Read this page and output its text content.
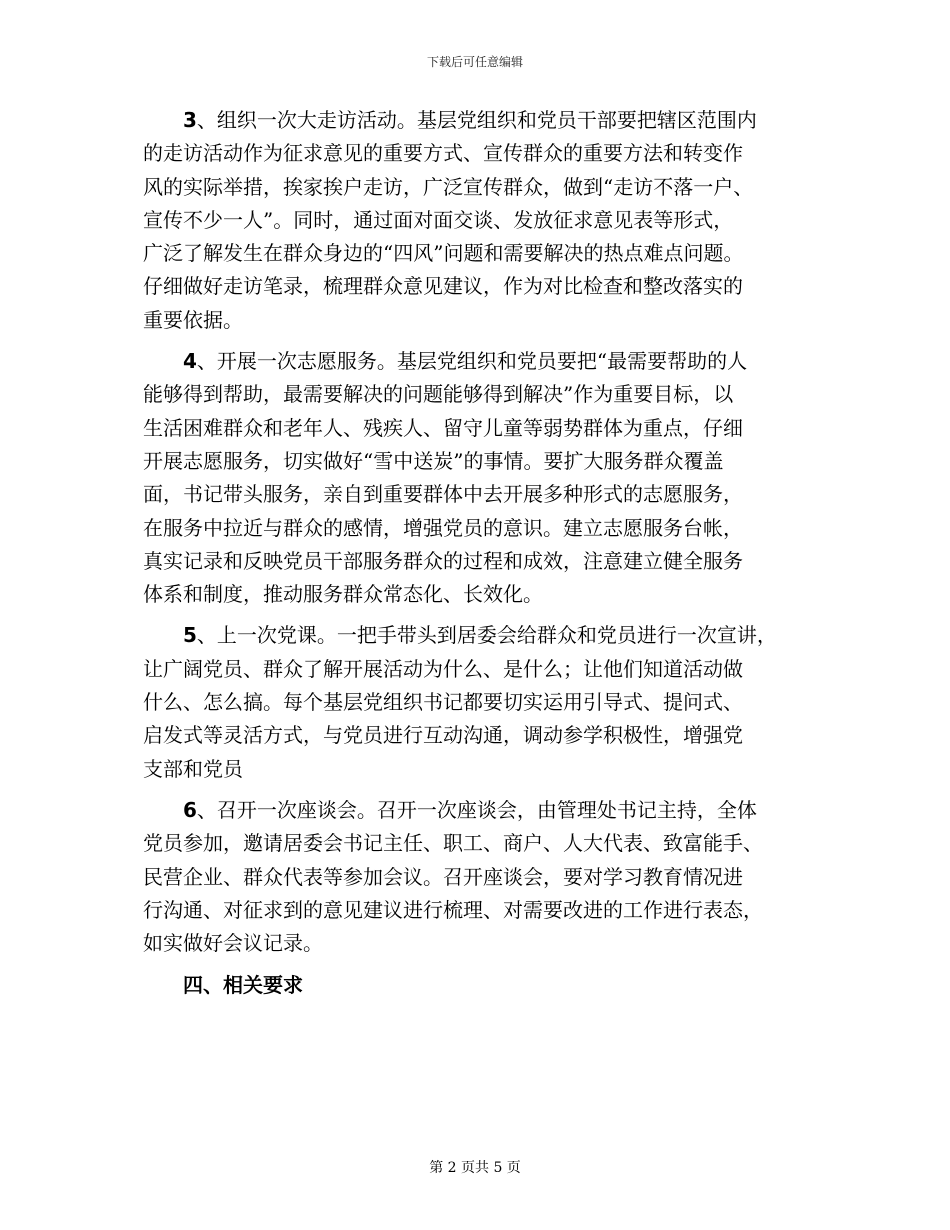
下载后可任意编辑

3、组织一次大走访活动。基层党组织和党员干部要把辖区范围内
的走访活动作为征求意见的重要方式、宣传群众的重要方法和转变作
风的实际举措，挨家挨户走访，广泛宣传群众，做到“走访不落一户、
宣传不少一人”。同时，通过面对面交谈、发放征求意见表等形式，
广泛了解发生在群众身边的“四风”问题和需要解决的热点难点问题。
仔细做好走访笔录，梳理群众意见建议，作为对比检查和整改落实的
重要依据。

4、开展一次志愿服务。基层党组织和党员要把“最需要帮助的人
能够得到帮助，最需要解决的问题能够得到解决”作为重要目标，以
生活困难群众和老年人、残疾人、留守儿童等弱势群体为重点，仔细
开展志愿服务，切实做好“雪中送炭”的事情。要扩大服务群众覆盖
面，书记带头服务，亲自到重要群体中去开展多种形式的志愿服务，
在服务中拉近与群众的感情，增强党员的意识。建立志愿服务台帐，
真实记录和反映党员干部服务群众的过程和成效，注意建立健全服务
体系和制度，推动服务群众常态化、长效化。

5、上一次党课。一把手带头到居委会给群众和党员进行一次宣讲，
让广阔党员、群众了解开展活动为什么、是什么；让他们知道活动做
什么、怎么搞。每个基层党组织书记都要切实运用引导式、提问式、
启发式等灵活方式，与党员进行互动沟通，调动参学积极性，增强党
支部和党员

6、召开一次座谈会。召开一次座谈会，由管理处书记主持，全体
党员参加，邀请居委会书记主任、职工、商户、人大代表、致富能手、
民营企业、群众代表等参加会议。召开座谈会，要对学习教育情况进
行沟通、对征求到的意见建议进行梳理、对需要改进的工作进行表态，
如实做好会议记录。

四、相关要求
第 2 页共 5 页
